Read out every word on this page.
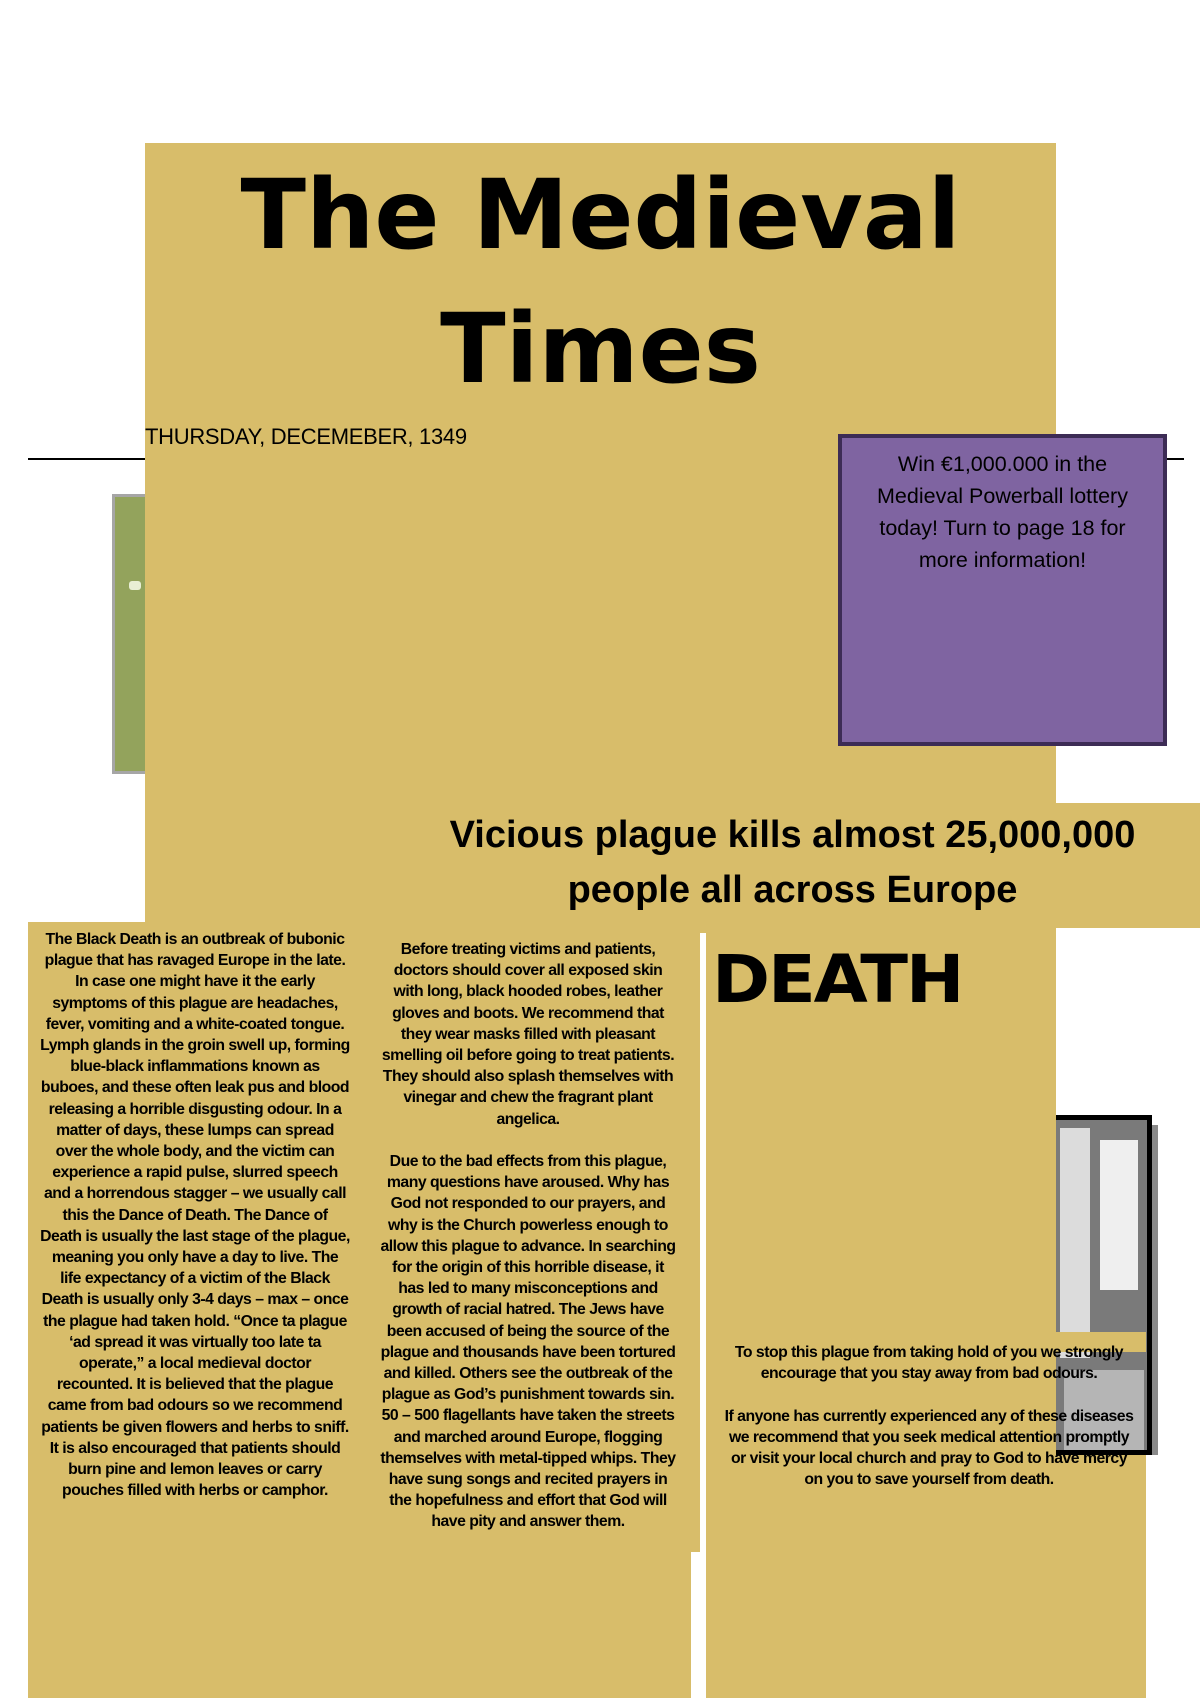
The Medieval Times
THURSDAY, DECEMEBER, 1349

Win €1,000.000 in the Medieval Powerball lottery today! Turn to page 18 for more information!

Vicious plague kills almost 25,000,000 people all across Europe
DEATH

The Black Death is an outbreak of bubonic plague that has ravaged Europe in the late. In case one might have it the early symptoms of this plague are headaches, fever, vomiting and a white-coated tongue. Lymph glands in the groin swell up, forming blue-black inflammations known as buboes, and these often leak pus and blood releasing a horrible disgusting odour. In a matter of days, these lumps can spread over the whole body, and the victim can experience a rapid pulse, slurred speech and a horrendous stagger – we usually call this the Dance of Death. The Dance of Death is usually the last stage of the plague, meaning you only have a day to live. The life expectancy of a victim of the Black Death is usually only 3-4 days – max – once the plague had taken hold. “Once ta plague ‘ad spread it was virtually too late ta operate,” a local medieval doctor recounted. It is believed that the plague came from bad odours so we recommend patients be given flowers and herbs to sniff. It is also encouraged that patients should burn pine and lemon leaves or carry pouches filled with herbs or camphor.

Before treating victims and patients, doctors should cover all exposed skin with long, black hooded robes, leather gloves and boots. We recommend that they wear masks filled with pleasant smelling oil before going to treat patients. They should also splash themselves with vinegar and chew the fragrant plant angelica.

Due to the bad effects from this plague, many questions have aroused. Why has God not responded to our prayers, and why is the Church powerless enough to allow this plague to advance. In searching for the origin of this horrible disease, it has led to many misconceptions and growth of racial hatred. The Jews have been accused of being the source of the plague and thousands have been tortured and killed. Others see the outbreak of the plague as God’s punishment towards sin. 50 – 500 flagellants have taken the streets and marched around Europe, flogging themselves with metal-tipped whips. They have sung songs and recited prayers in the hopefulness and effort that God will have pity and answer them.

To stop this plague from taking hold of you we strongly encourage that you stay away from bad odours.

If anyone has currently experienced any of these diseases we recommend that you seek medical attention promptly or visit your local church and pray to God to have mercy on you to save yourself from death.
